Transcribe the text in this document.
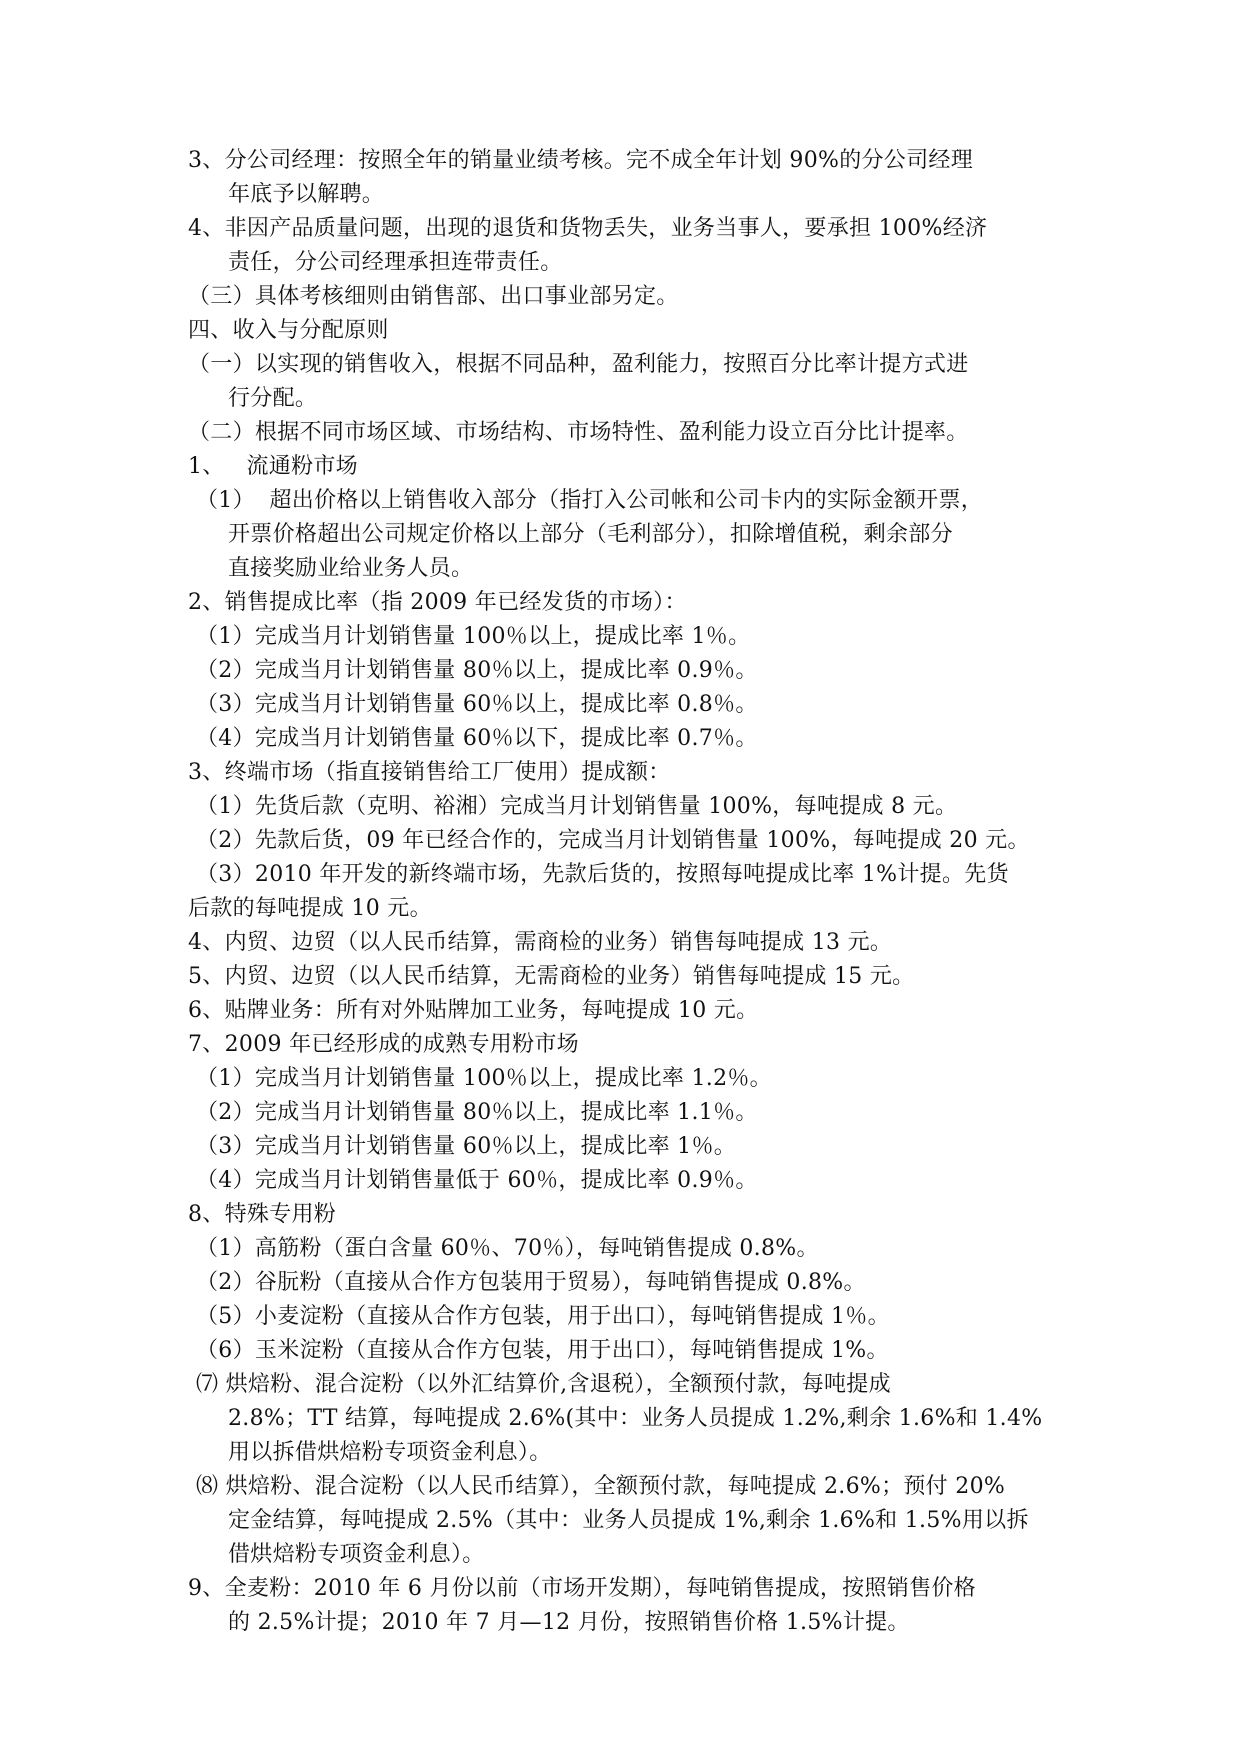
3、分公司经理：按照全年的销量业绩考核。完不成全年计划 90%的分公司经理
年底予以解聘。
4、非因产品质量问题，出现的退货和货物丢失，业务当事人，要承担 100%经济
责任，分公司经理承担连带责任。
（三）具体考核细则由销售部、出口事业部另定。
四、收入与分配原则
（一）以实现的销售收入，根据不同品种，盈利能力，按照百分比率计提方式进
行分配。
（二）根据不同市场区域、市场结构、市场特性、盈利能力设立百分比计提率。
1、   流通粉市场
（1）  超出价格以上销售收入部分（指打入公司帐和公司卡内的实际金额开票，
开票价格超出公司规定价格以上部分（毛利部分），扣除增值税，剩余部分
直接奖励业给业务人员。
2、销售提成比率（指 2009 年已经发货的市场）：
（1）完成当月计划销售量 100％以上，提成比率 1％。
（2）完成当月计划销售量 80％以上，提成比率 0.9％。
（3）完成当月计划销售量 60％以上，提成比率 0.8％。
（4）完成当月计划销售量 60％以下，提成比率 0.7％。
3、终端市场（指直接销售给工厂使用）提成额：
（1）先货后款（克明、裕湘）完成当月计划销售量 100%，每吨提成 8 元。
（2）先款后货，09 年已经合作的，完成当月计划销售量 100%，每吨提成 20 元。
（3）2010 年开发的新终端市场，先款后货的，按照每吨提成比率 1%计提。先货
后款的每吨提成 10 元。
4、内贸、边贸（以人民币结算，需商检的业务）销售每吨提成 13 元。
5、内贸、边贸（以人民币结算，无需商检的业务）销售每吨提成 15 元。
6、贴牌业务：所有对外贴牌加工业务，每吨提成 10 元。
7、2009 年已经形成的成熟专用粉市场
（1）完成当月计划销售量 100％以上，提成比率 1.2％。
（2）完成当月计划销售量 80％以上，提成比率 1.1％。
（3）完成当月计划销售量 60％以上，提成比率 1％。
（4）完成当月计划销售量低于 60％，提成比率 0.9％。
8、特殊专用粉
（1）高筋粉（蛋白含量 60％、70％），每吨销售提成 0.8%。
（2）谷朊粉（直接从合作方包装用于贸易），每吨销售提成 0.8%。
（5）小麦淀粉（直接从合作方包装，用于出口），每吨销售提成 1％。
（6）玉米淀粉（直接从合作方包装，用于出口），每吨销售提成 1%。
⑺ 烘焙粉、混合淀粉（以外汇结算价,含退税），全额预付款，每吨提成
2.8%；TT 结算，每吨提成 2.6%(其中：业务人员提成 1.2%,剩余 1.6%和 1.4%
用以拆借烘焙粉专项资金利息）。
⑻ 烘焙粉、混合淀粉（以人民币结算），全额预付款，每吨提成 2.6%；预付 20%
定金结算，每吨提成 2.5%（其中：业务人员提成 1%,剩余 1.6%和 1.5%用以拆
借烘焙粉专项资金利息）。
9、全麦粉：2010 年 6 月份以前（市场开发期），每吨销售提成，按照销售价格
的 2.5%计提；2010 年 7 月—12 月份，按照销售价格 1.5%计提。
